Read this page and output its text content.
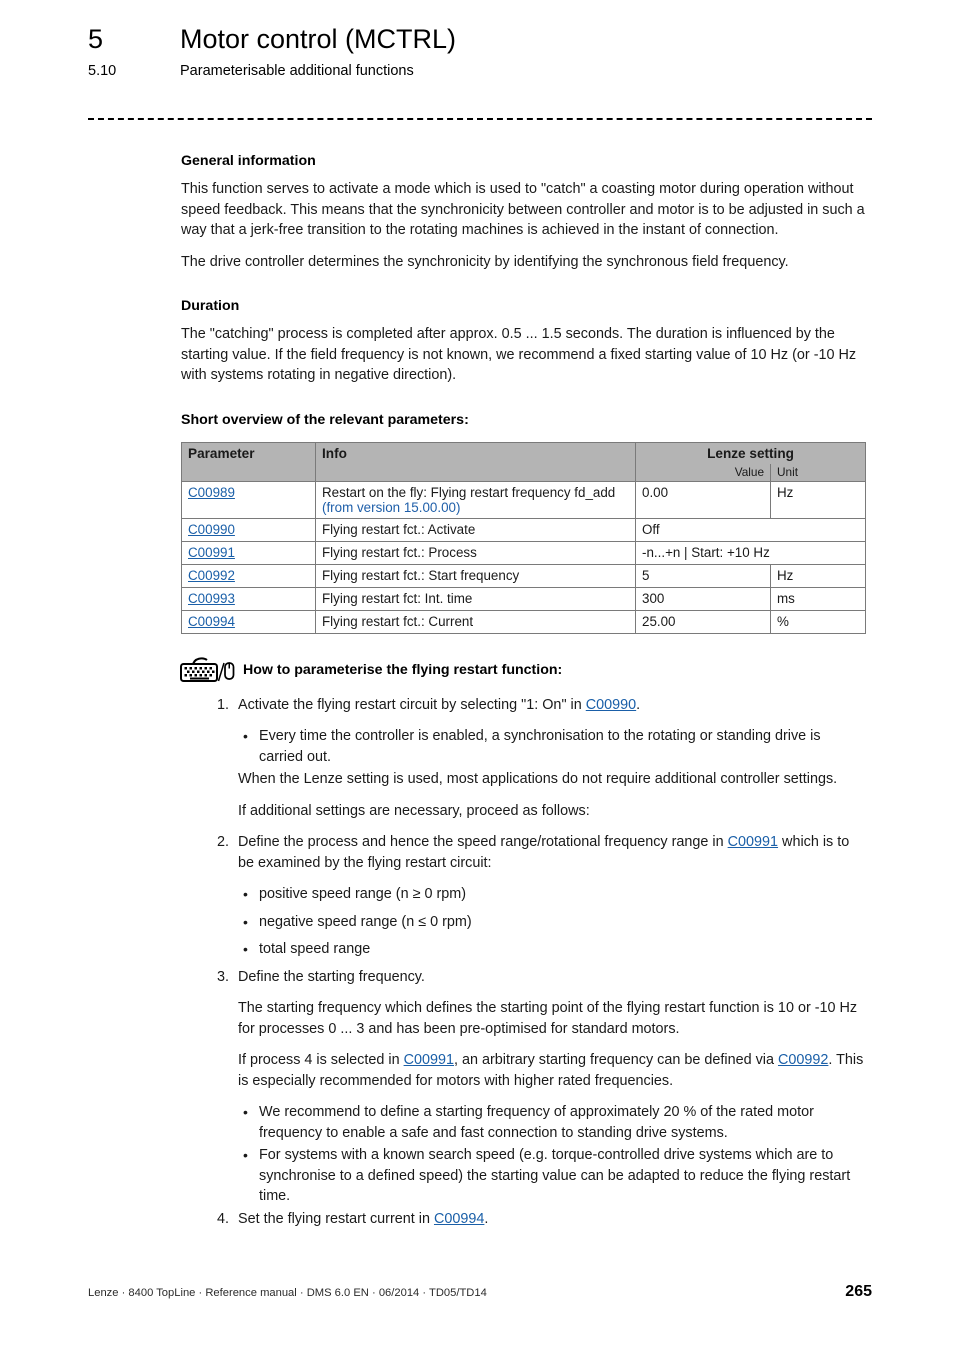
5	Motor control (MCTRL)
5.10	Parameterisable additional functions
General information

This function serves to activate a mode which is used to "catch" a coasting motor during operation without speed feedback. This means that the synchronicity between controller and motor is to be adjusted in such a way that a jerk-free transition to the rotating machines is achieved in the instant of connection.

The drive controller determines the synchronicity by identifying the synchronous field frequency.

Duration

The "catching" process is completed after approx. 0.5 ... 1.5 seconds. The duration is influenced by the starting value. If the field frequency is not known, we recommend a fixed starting value of 10 Hz (or -10 Hz with systems rotating in negative direction).

Short overview of the relevant parameters:
Parameter	Info	Lenze setting	
		Value	Unit
C00989	Restart on the fly: Flying restart frequency fd_add
(from version 15.00.00)	0.00	Hz
C00990	Flying restart fct.: Activate	Off	
C00991	Flying restart fct.: Process	-n...+n | Start: +10 Hz	
C00992	Flying restart fct.: Start frequency	5	Hz
C00993	Flying restart fct: Int. time	300	ms
C00994	Flying restart fct.: Current	25.00	%
How to parameterise the flying restart function:
1. Activate the flying restart circuit by selecting "1: On" in C00990.

• Every time the controller is enabled, a synchronisation to the rotating or standing drive is carried out.

When the Lenze setting is used, most applications do not require additional controller settings.

If additional settings are necessary, proceed as follows:

2. Define the process and hence the speed range/rotational frequency range in C00991 which is to be examined by the flying restart circuit:

• positive speed range (n ≥ 0 rpm)
• negative speed range (n ≤ 0 rpm)
• total speed range
3. Define the starting frequency.

The starting frequency which defines the starting point of the flying restart function is 10 or -10 Hz for processes 0 ... 3 and has been pre-optimised for standard motors.

If process 4 is selected in C00991, an arbitrary starting frequency can be defined via C00992. This is especially recommended for motors with higher rated frequencies.

• We recommend to define a starting frequency of approximately 20 % of the rated motor frequency to enable a safe and fast connection to standing drive systems.
• For systems with a known search speed (e.g. torque-controlled drive systems which are to synchronise to a defined speed) the starting value can be adapted to reduce the flying restart time.
4. Set the flying restart current in C00994.

Lenze · 8400 TopLine · Reference manual · DMS 6.0 EN · 06/2014 · TD05/TD14	265
